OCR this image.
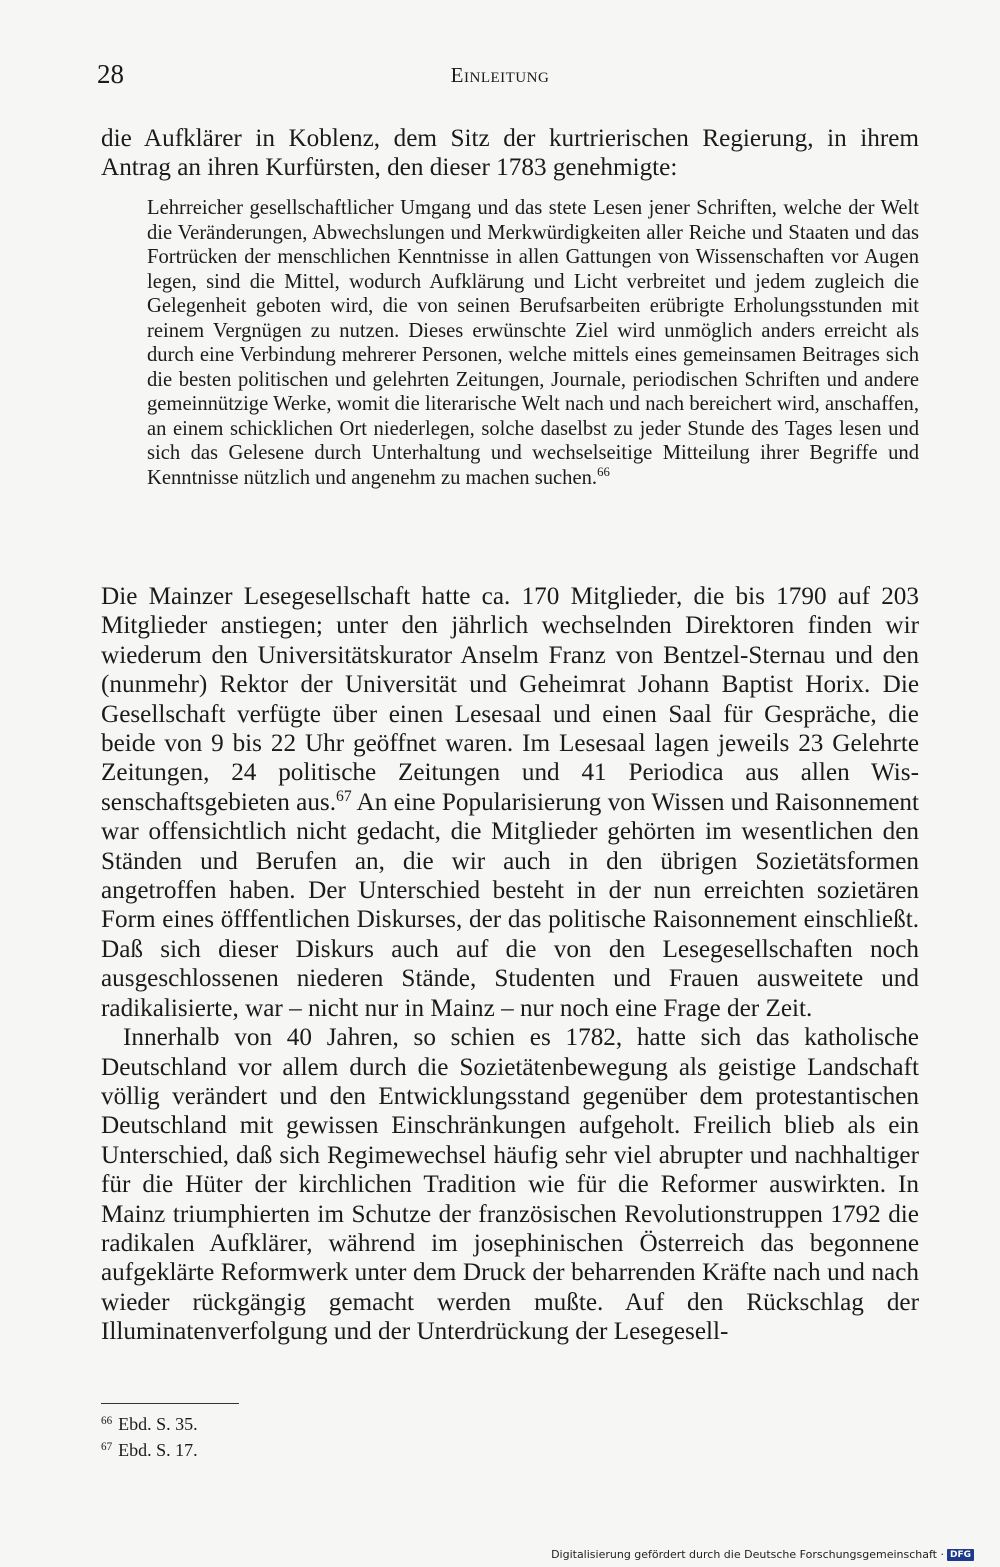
28	Einleitung

die Aufklärer in Koblenz, dem Sitz der kurtrierischen Regierung, in ihrem Antrag an ihren Kurfürsten, den dieser 1783 genehmigte:

Lehrreicher gesellschaftlicher Umgang und das stete Lesen jener Schriften, welche der Welt die Veränderungen, Abwechslungen und Merkwürdigkeiten aller Reiche und Staaten und das Fortrücken der menschlichen Kenntnisse in allen Gattungen von Wissenschaften vor Augen legen, sind die Mittel, wodurch Aufklärung und Licht verbreitet und jedem zugleich die Gelegenheit geboten wird, die von seinen Berufsarbeiten erübrigte Erholungsstunden mit reinem Vergnügen zu nutzen. Dieses erwünschte Ziel wird unmöglich anders erreicht als durch eine Verbindung mehrerer Personen, welche mittels eines gemeinsamen Beitrages sich die besten politischen und gelehrten Zeitungen, Journale, periodischen Schriften und andere gemeinnützige Werke, womit die literarische Welt nach und nach bereichert wird, anschaffen, an einem schicklichen Ort niederlegen, solche daselbst zu jeder Stunde des Tages lesen und sich das Gelesene durch Unterhaltung und wechselseitige Mitteilung ihrer Begriffe und Kenntnisse nützlich und angenehm zu machen suchen.$^{66}$

Die Mainzer Lesegesellschaft hatte ca. 170 Mitglieder, die bis 1790 auf 203 Mitglieder anstiegen; unter den jährlich wechselnden Direktoren finden wir wiederum den Universitätskurator Anselm Franz von Bentzel-Sternau und den (nunmehr) Rektor der Universität und Geheimrat Johann Baptist Horix. Die Gesellschaft verfügte über einen Lesesaal und einen Saal für Gespräche, die beide von 9 bis 22 Uhr geöffnet waren. Im Lesesaal lagen jeweils 23 Gelehrte Zeitungen, 24 politische Zeitungen und 41 Periodica aus allen Wissenschaftsgebieten aus.$^{67}$ An eine Popularisierung von Wissen und Raisonnement war offensichtlich nicht gedacht, die Mitglieder gehörten im wesentlichen den Ständen und Berufen an, die wir auch in den übrigen Sozietätsformen angetroffen haben. Der Unterschied besteht in der nun erreichten sozietären Form eines öfffentlichen Diskurses, der das politische Raisonnement einschließt. Daß sich dieser Diskurs auch auf die von den Lesegesellschaften noch ausgeschlossenen niederen Stände, Studenten und Frauen ausweitete und radikalisierte, war – nicht nur in Mainz – nur noch eine Frage der Zeit.

Innerhalb von 40 Jahren, so schien es 1782, hatte sich das katholische Deutschland vor allem durch die Sozietätenbewegung als geistige Landschaft völlig verändert und den Entwicklungsstand gegenüber dem protestantischen Deutschland mit gewissen Einschränkungen aufgeholt. Freilich blieb als ein Unterschied, daß sich Regimewechsel häufig sehr viel abrupter und nachhaltiger für die Hüter der kirchlichen Tradition wie für die Reformer auswirkten. In Mainz triumphierten im Schutze der französischen Revolutionstruppen 1792 die radikalen Aufklärer, während im josephinischen Österreich das begonnene aufgeklärte Reformwerk unter dem Druck der beharrenden Kräfte nach und nach wieder rückgängig gemacht werden mußte. Auf den Rückschlag der Illuminatenverfolgung und der Unterdrückung der Lesegesell-

$^{66}$ Ebd. S. 35.

$^{67}$ Ebd. S. 17.

Digitalisierung gefördert durch die Deutsche Forschungsgemeinschaft · DFG
